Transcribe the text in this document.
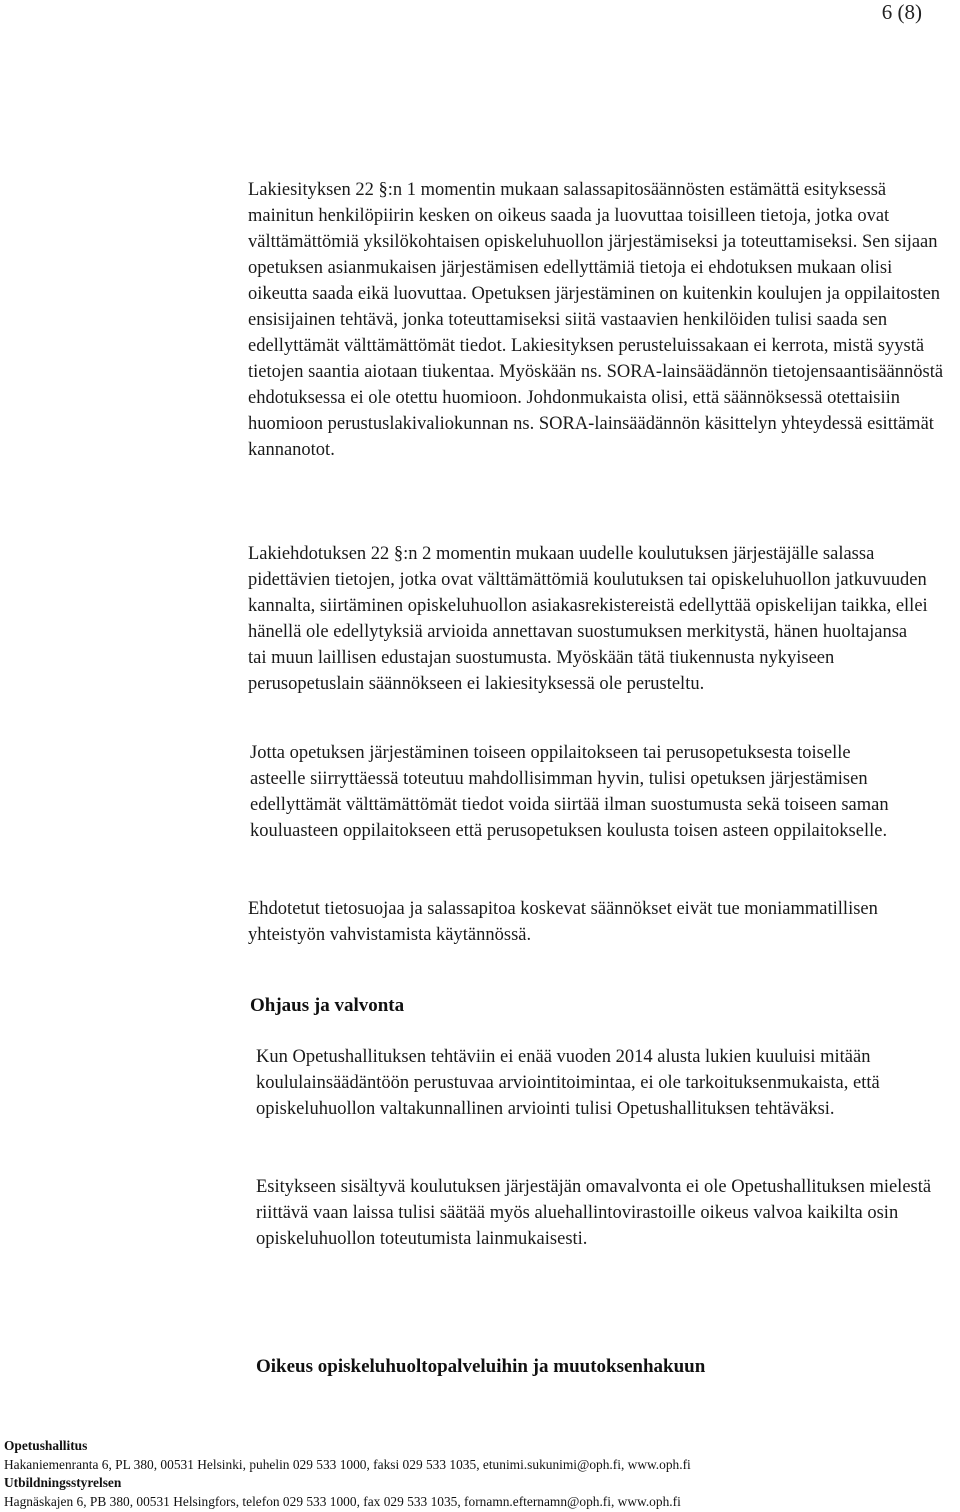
6 (8)

Lakiesityksen 22 §:n 1 momentin mukaan salassapitosäännösten estämättä esityksessä mainitun henkilöpiirin kesken on oikeus saada ja luovuttaa toisilleen tietoja, jotka ovat välttämättömiä yksilökohtaisen opiskeluhuollon järjestämiseksi ja toteuttamiseksi. Sen sijaan opetuksen asianmukaisen järjestämisen edellyttämiä tietoja ei ehdotuksen mukaan olisi oikeutta saada eikä luovuttaa. Opetuksen järjestäminen on kuitenkin koulujen ja oppilaitosten ensisijainen tehtävä, jonka toteuttamiseksi siitä vastaavien henkilöiden tulisi saada sen edellyttämät välttämättömät tiedot. Lakiesityksen perusteluissakaan ei kerrota, mistä syystä tietojen saantia aiotaan tiukentaa. Myöskään ns. SORA-lainsäädännön tietojensaantisäännöstä ehdotuksessa ei ole otettu huomioon. Johdonmukaista olisi, että säännöksessä otettaisiin huomioon perustuslakivaliokunnan ns. SORA-lainsäädännön käsittelyn yhteydessä esittämät kannanotot.

Lakiehdotuksen 22 §:n 2 momentin mukaan uudelle koulutuksen järjestäjälle salassa pidettävien tietojen, jotka ovat välttämättömiä koulutuksen tai opiskeluhuollon jatkuvuuden kannalta, siirtäminen opiskeluhuollon asiakasrekistereistä edellyttää opiskelijan taikka, ellei hänellä ole edellytyksiä arvioida annettavan suostumuksen merkitystä, hänen huoltajansa tai muun laillisen edustajan suostumusta. Myöskään tätä tiukennusta nykyiseen perusopetuslain säännökseen ei lakiesityksessä ole perusteltu.

Jotta opetuksen järjestäminen toiseen oppilaitokseen tai perusopetuksesta toiselle asteelle siirryttäessä toteutuu mahdollisimman hyvin, tulisi opetuksen järjestämisen edellyttämät välttämättömät tiedot voida siirtää ilman suostumusta sekä toiseen saman kouluasteen oppilaitokseen että perusopetuksen koulusta toisen asteen oppilaitokselle.

Ehdotetut tietosuojaa ja salassapitoa koskevat säännökset eivät tue moniammatillisen yhteistyön vahvistamista käytännössä.

Ohjaus ja valvonta

Kun Opetushallituksen tehtäviin ei enää vuoden 2014 alusta lukien kuuluisi mitään koululainsäädäntöön perustuvaa arviointitoimintaa, ei ole tarkoituksenmukaista, että opiskeluhuollon valtakunnallinen arviointi tulisi Opetushallituksen tehtäväksi.

Esitykseen sisältyvä koulutuksen järjestäjän omavalvonta ei ole Opetushallituksen mielestä riittävä vaan laissa tulisi säätää myös aluehallintovirastoille oikeus valvoa kaikilta osin opiskeluhuollon toteutumista lainmukaisesti.

Oikeus opiskeluhuoltopalveluihin ja muutoksenhakuun
Opetushallitus
Hakaniemenranta 6, PL 380, 00531 Helsinki, puhelin 029 533 1000, faksi 029 533 1035, etunimi.sukunimi@oph.fi, www.oph.fi
Utbildningsstyrelsen
Hagnäskajen 6, PB 380, 00531 Helsingfors, telefon 029 533 1000, fax 029 533 1035, fornamn.efternamn@oph.fi, www.oph.fi
